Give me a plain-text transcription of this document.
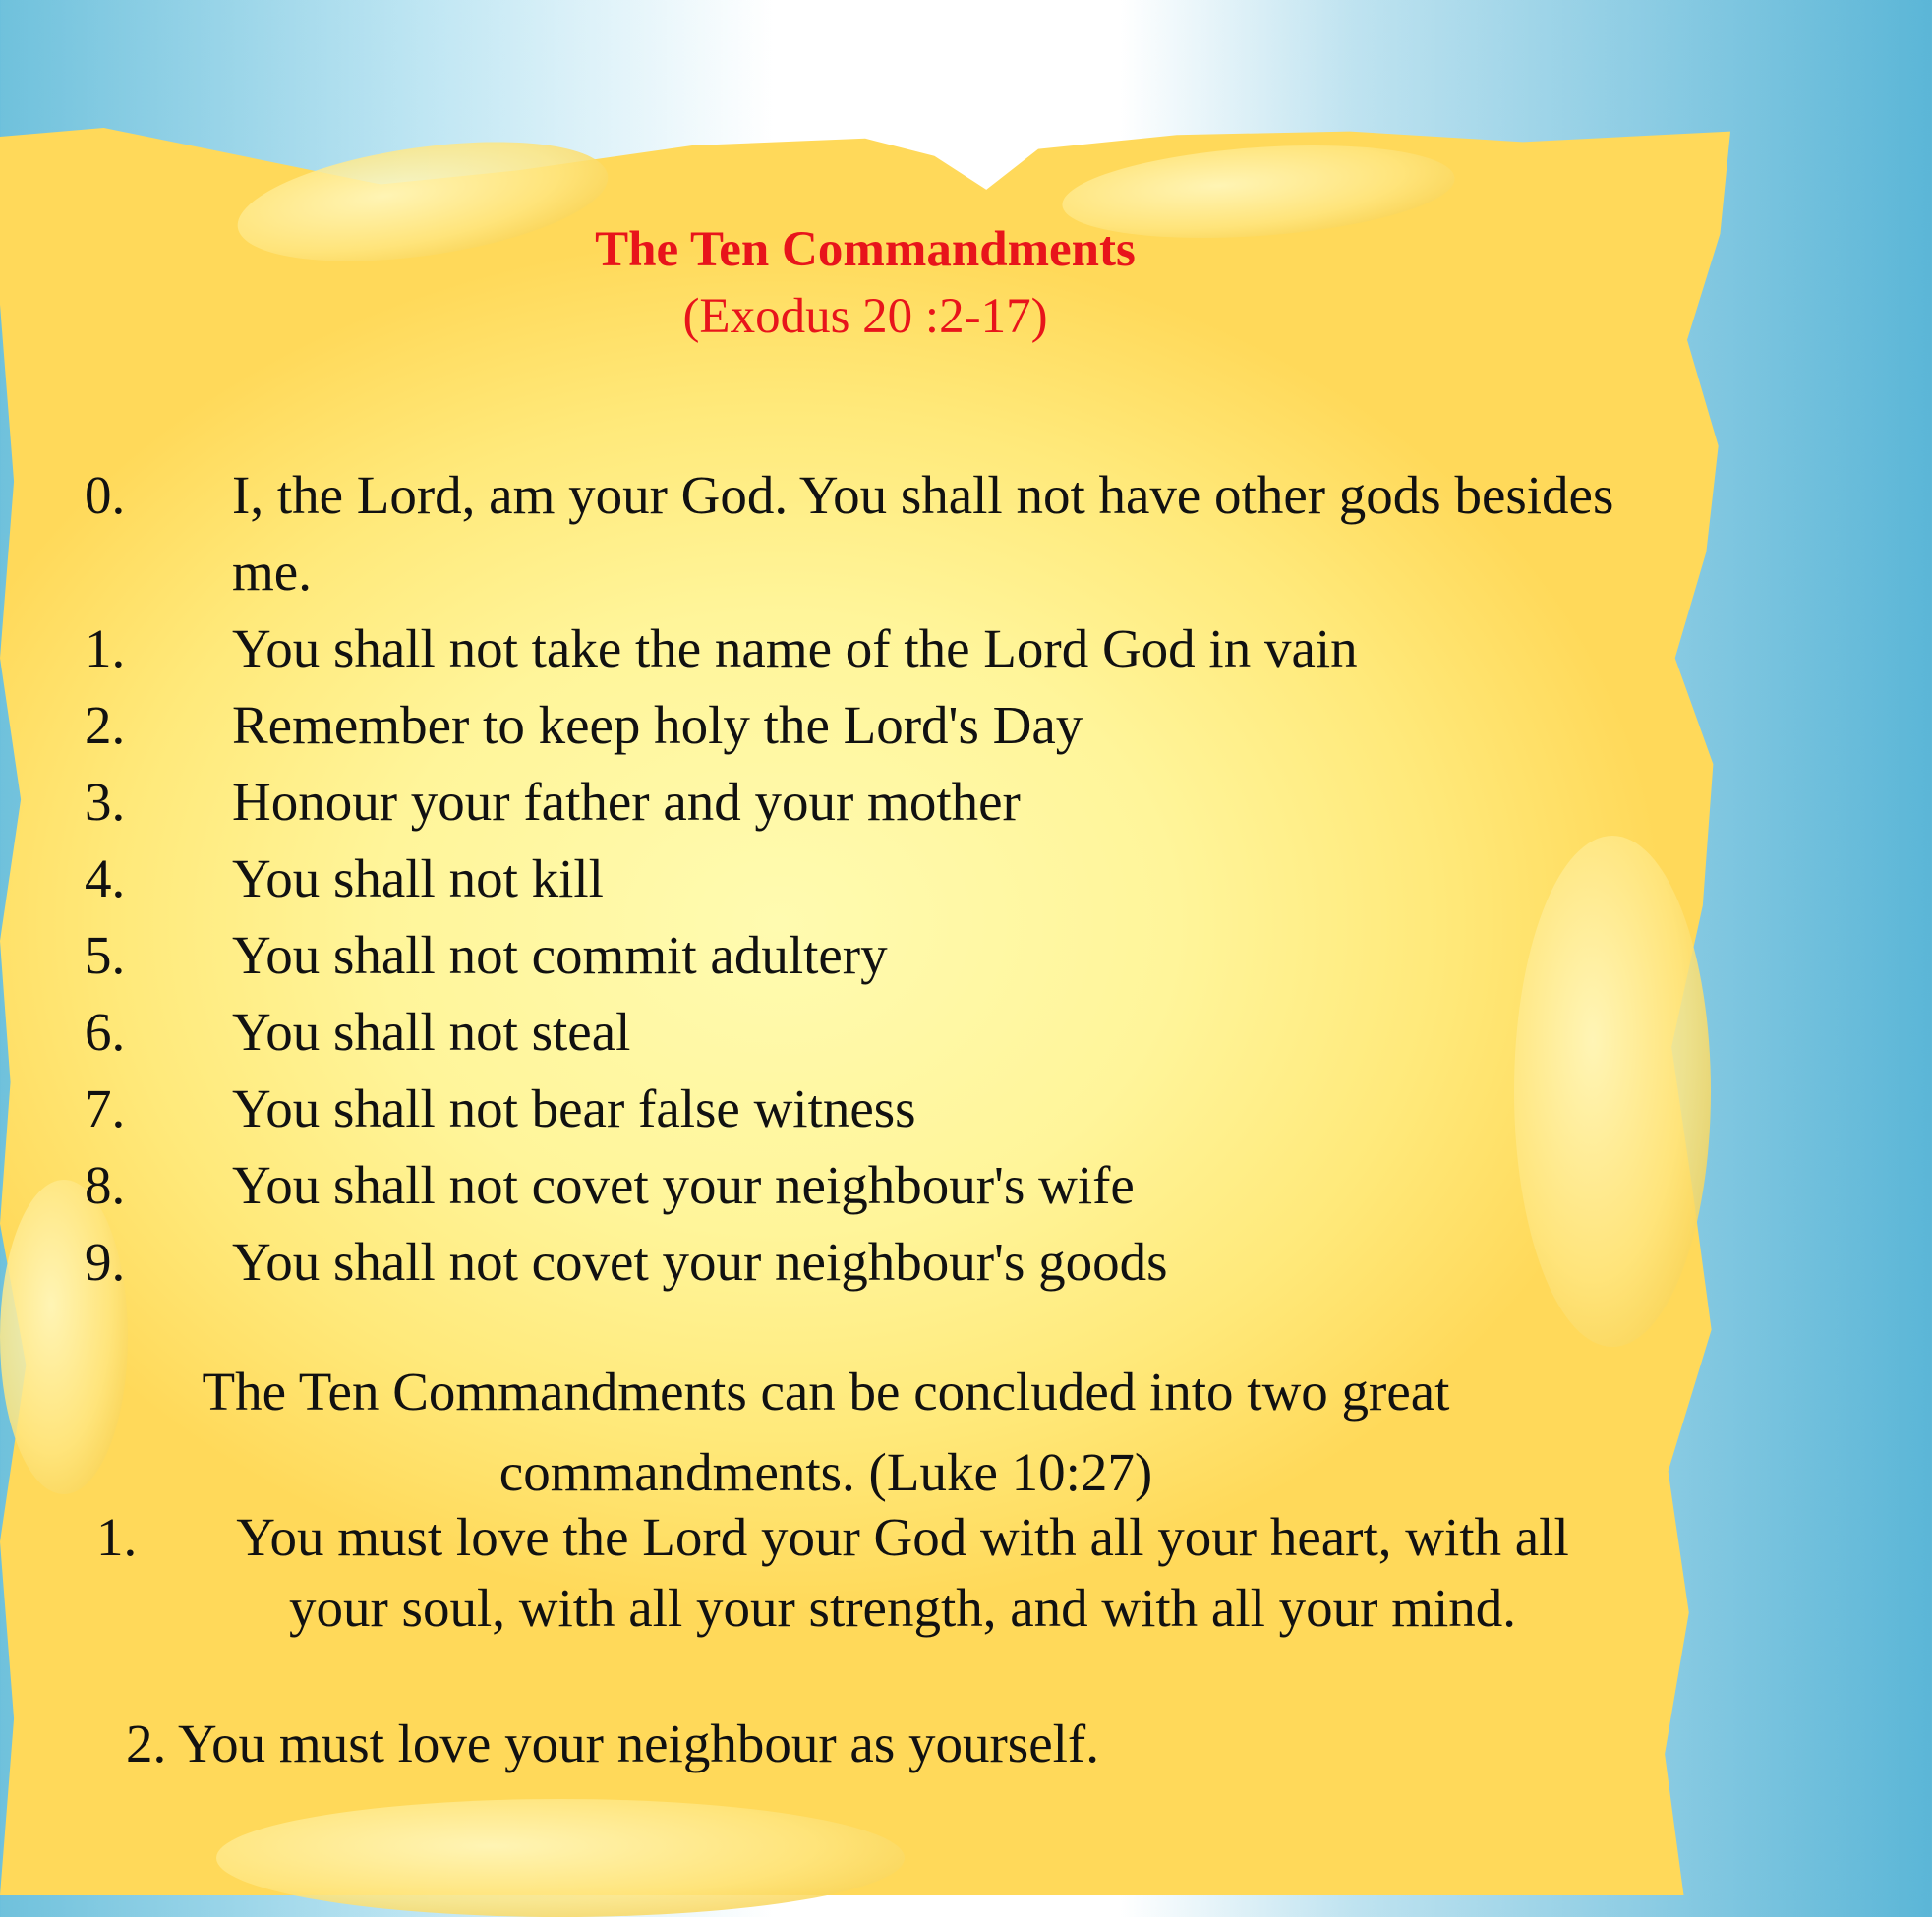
The Ten Commandments
(Exodus 20 :2-17)
0.	I, the Lord, am your God. You shall not have other gods besides me.
1.	You shall not take the name of the Lord God in vain
2.	Remember to keep holy the Lord's Day
3.	Honour your father and your mother
4.	You shall not kill
5.	You shall not commit adultery
6.	You shall not steal
7.	You shall not bear false witness
8.	You shall not covet your neighbour's wife
9.	You shall not covet your neighbour's goods
The Ten Commandments can be concluded into two great commandments. (Luke 10:27)
1. You must love the Lord your God with all your heart, with all your soul, with all your strength, and with all your mind.
2. You must love your neighbour as yourself.
